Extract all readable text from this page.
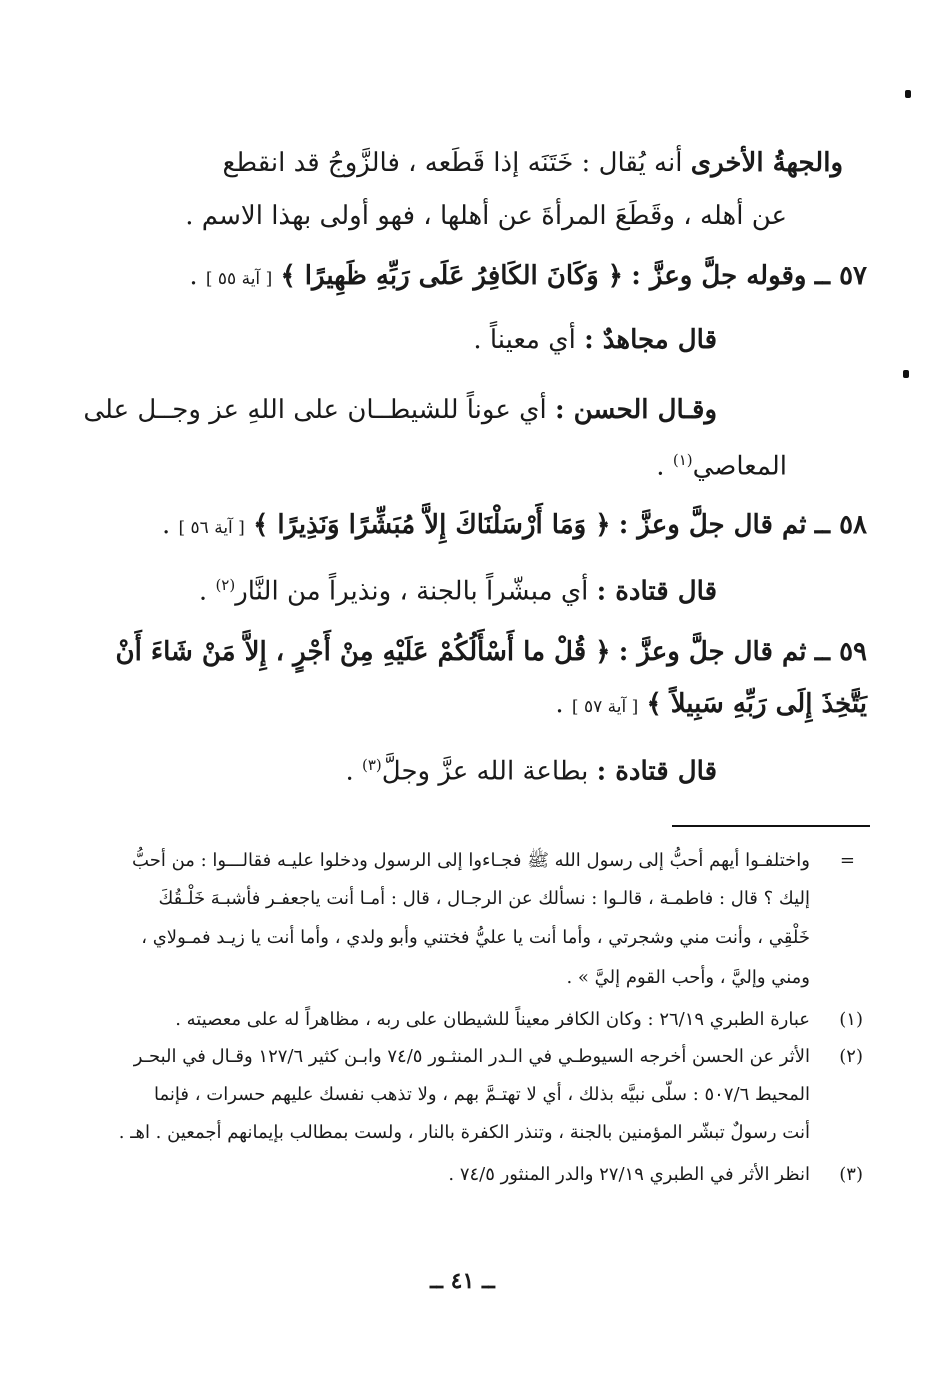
والجهةُ الأخرى أنه يُقال : خَتَنَه إذا قَطَعه ، فالزَّوجُ قد انقطع
عن أهله ، وقَطَعَ المرأةَ عن أهلها ، فهو أولى بهذا الاسم .
٥٧ ــ وقوله جلَّ وعزَّ : ﴿ وَكَانَ الكَافِرُ عَلَى رَبِّهِ ظَهِيرًا ﴾ [ آية ٥٥ ] .
قال مجاهدٌ : أي معيناً .
وقـال الحسن : أي عوناً للشيطــان على اللهِ عز وجــل على
المعاصي$^{(١)}$ .
٥٨ ــ ثم قال جلَّ وعزَّ : ﴿ وَمَا أَرْسَلْنَاكَ إِلاَّ مُبَشِّرًا وَنَذِيرًا ﴾ [ آية ٥٦ ] .
قال قتادة : أي مبشّراً بالجنة ، ونذيراً من النَّار$^{(٢)}$ .
٥٩ ــ ثم قال جلَّ وعزَّ : ﴿ قُلْ ما أَسْأَلُكُمْ عَلَيْهِ مِنْ أَجْرٍ ، إِلاَّ مَنْ شَاءَ أَنْ
يَتَّخِذَ إِلَى رَبِّهِ سَبِيلاً ﴾ [ آية ٥٧ ] .
قال قتادة : بطاعة الله عزَّ وجلَّ$^{(٣)}$ .
=
واختلفـوا أيهم أحبُّ إلى رسول الله ﷺ فجـاءوا إلى الرسول ودخلوا عليـه فقالـــوا : من أحبُّ
إليك ؟ قال : فاطمـة ، قالـوا : نسألك عن الرجـال ، قال : أمـا أنت ياجعفـر فأشبـهَ خَلْـقُكَ
خَلْقِي ، وأنت مني وشجرتي ، وأما أنت يا عليُّ فختني وأبو ولدي ، وأما أنت يا زيـد فمـولاي ،
ومني وإليَّ ، وأحب القوم إليَّ » .
(١)
عبارة الطبري ٢٦/١٩ : وكان الكافر معيناً للشيطان على ربه ، مظاهراً له على معصيته .
(٢)
الأثر عن الحسن أخرجه السيوطـي في الـدر المنثـور ٧٤/٥ وابـن كثير ١٢٧/٦ وقـال في البحـر
المحيط ٥٠٧/٦ : سلّى نبيَّه بذلك ، أي لا تهتـمَّ بهم ، ولا تذهب نفسك عليهم حسرات ، فإنما
أنت رسولٌ تبشّر المؤمنين بالجنة ، وتنذر الكفرة بالنار ، ولست بمطالب بإيمانهم أجمعين . اهـ .
(٣)
انظر الأثر في الطبري ٢٧/١٩ والدر المنثور ٧٤/٥ .
ــ ٤١ ــ
